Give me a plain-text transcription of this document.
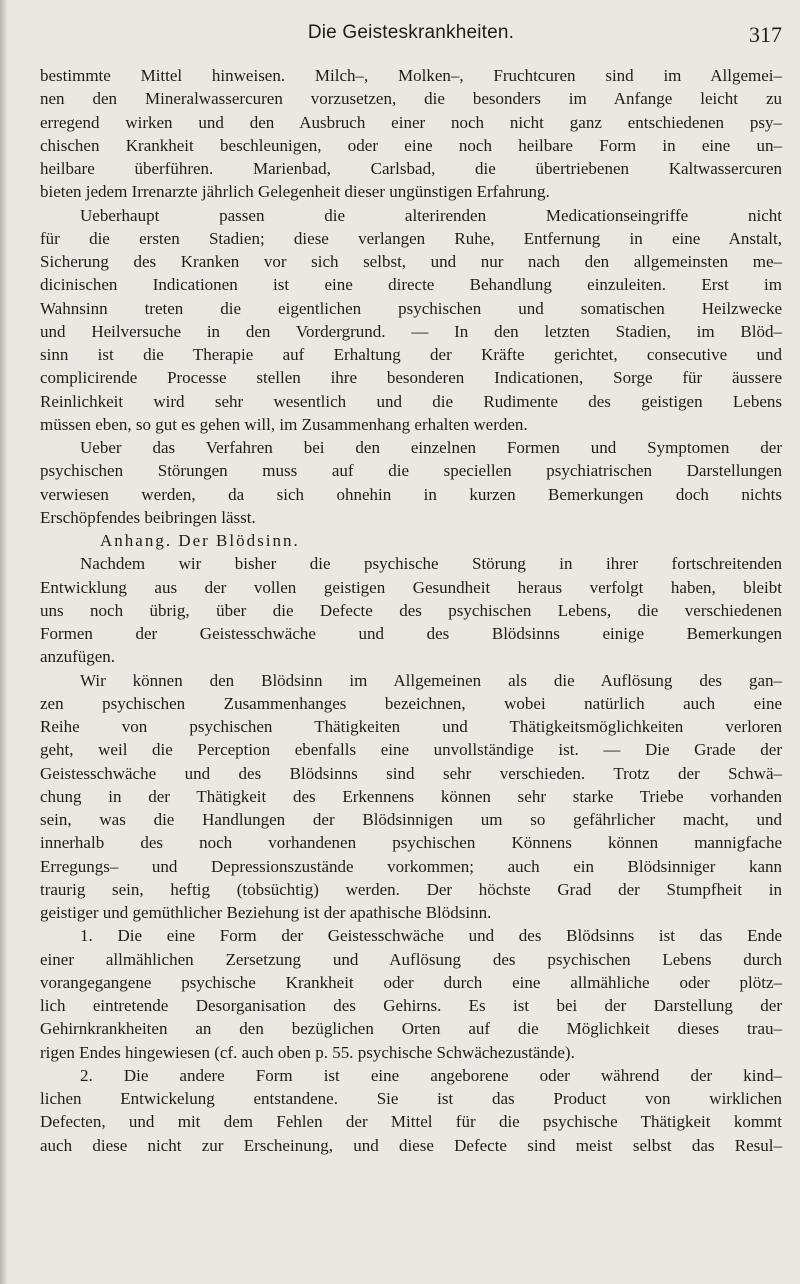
Die Geisteskrankheiten.	317
bestimmte Mittel hinweisen. Milch–, Molken–, Fruchtcuren sind im Allgemei–
nen den Mineralwassercuren vorzusetzen, die besonders im Anfange leicht zu
erregend wirken und den Ausbruch einer noch nicht ganz entschiedenen psy–
chischen Krankheit beschleunigen, oder eine noch heilbare Form in eine un–
heilbare überführen. Marienbad, Carlsbad, die übertriebenen Kaltwassercuren
bieten jedem Irrenarzte jährlich Gelegenheit dieser ungünstigen Erfahrung.
Ueberhaupt passen die alterirenden Medicationseingriffe nicht
für die ersten Stadien; diese verlangen Ruhe, Entfernung in eine Anstalt,
Sicherung des Kranken vor sich selbst, und nur nach den allgemeinsten me–
dicinischen Indicationen ist eine directe Behandlung einzuleiten. Erst im
Wahnsinn treten die eigentlichen psychischen und somatischen Heilzwecke
und Heilversuche in den Vordergrund. — In den letzten Stadien, im Blöd–
sinn ist die Therapie auf Erhaltung der Kräfte gerichtet, consecutive und
complicirende Processe stellen ihre besonderen Indicationen, Sorge für äussere
Reinlichkeit wird sehr wesentlich und die Rudimente des geistigen Lebens
müssen eben, so gut es gehen will, im Zusammenhang erhalten werden.
Ueber das Verfahren bei den einzelnen Formen und Symptomen der
psychischen Störungen muss auf die speciellen psychiatrischen Darstellungen
verwiesen werden, da sich ohnehin in kurzen Bemerkungen doch nichts
Erschöpfendes beibringen lässt.
Anhang. Der Blödsinn.
Nachdem wir bisher die psychische Störung in ihrer fortschreitenden
Entwicklung aus der vollen geistigen Gesundheit heraus verfolgt haben, bleibt
uns noch übrig, über die Defecte des psychischen Lebens, die verschiedenen
Formen der Geistesschwäche und des Blödsinns einige Bemerkungen
anzufügen.
Wir können den Blödsinn im Allgemeinen als die Auflösung des gan–
zen psychischen Zusammenhanges bezeichnen, wobei natürlich auch eine
Reihe von psychischen Thätigkeiten und Thätigkeitsmöglichkeiten verloren
geht, weil die Perception ebenfalls eine unvollständige ist. — Die Grade der
Geistesschwäche und des Blödsinns sind sehr verschieden. Trotz der Schwä–
chung in der Thätigkeit des Erkennens können sehr starke Triebe vorhanden
sein, was die Handlungen der Blödsinnigen um so gefährlicher macht, und
innerhalb des noch vorhandenen psychischen Könnens können mannigfache
Erregungs– und Depressionszustände vorkommen; auch ein Blödsinniger kann
traurig sein, heftig (tobsüchtig) werden. Der höchste Grad der Stumpfheit in
geistiger und gemüthlicher Beziehung ist der apathische Blödsinn.
1. Die eine Form der Geistesschwäche und des Blödsinns ist das Ende
einer allmählichen Zersetzung und Auflösung des psychischen Lebens durch
vorangegangene psychische Krankheit oder durch eine allmähliche oder plötz–
lich eintretende Desorganisation des Gehirns. Es ist bei der Darstellung der
Gehirnkrankheiten an den bezüglichen Orten auf die Möglichkeit dieses trau–
rigen Endes hingewiesen (cf. auch oben p. 55. psychische Schwächezustände).
2. Die andere Form ist eine angeborene oder während der kind–
lichen Entwickelung entstandene. Sie ist das Product von wirklichen
Defecten, und mit dem Fehlen der Mittel für die psychische Thätigkeit kommt
auch diese nicht zur Erscheinung, und diese Defecte sind meist selbst das Resul–
